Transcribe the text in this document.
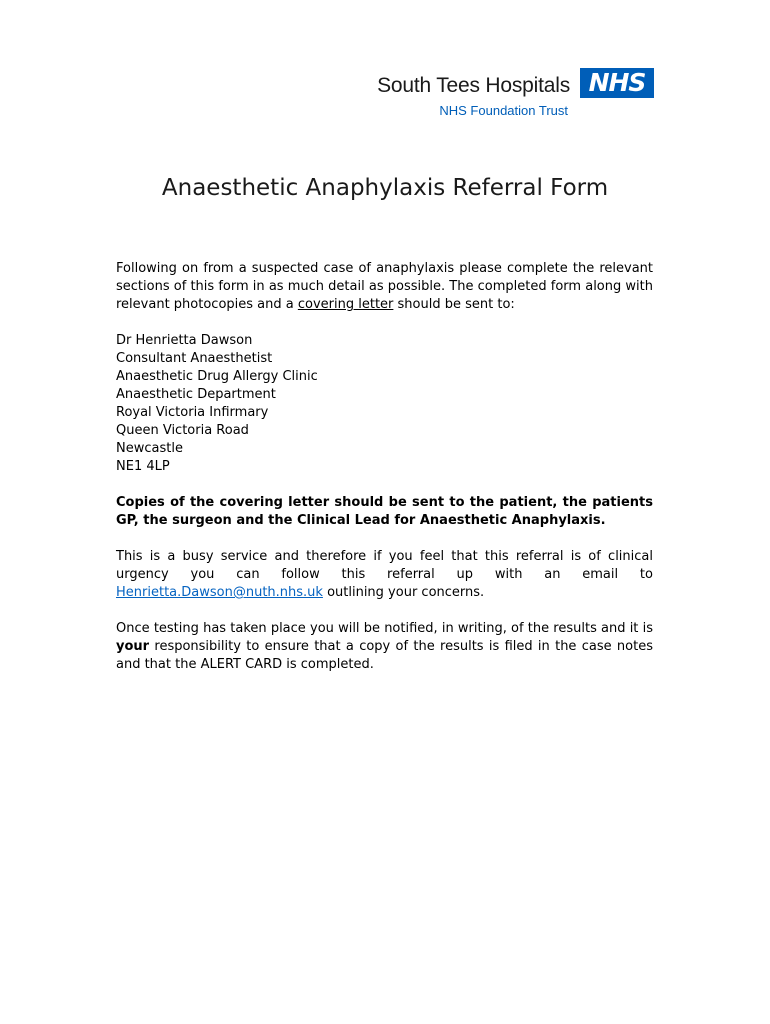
South Tees Hospitals
NHS Foundation Trust
NHS
Anaesthetic Anaphylaxis Referral Form

Following on from a suspected case of anaphylaxis please complete the relevant sections of this form in as much detail as possible. The completed form along with relevant photocopies and a covering letter should be sent to:

Dr Henrietta Dawson
Consultant Anaesthetist
Anaesthetic Drug Allergy Clinic
Anaesthetic Department
Royal Victoria Infirmary
Queen Victoria Road
Newcastle
NE1 4LP

Copies of the covering letter should be sent to the patient, the patients GP, the surgeon and the Clinical Lead for Anaesthetic Anaphylaxis.

This is a busy service and therefore if you feel that this referral is of clinical urgency you can follow this referral up with an email to Henrietta.Dawson@nuth.nhs.uk outlining your concerns.

Once testing has taken place you will be notified, in writing, of the results and it is your responsibility to ensure that a copy of the results is filed in the case notes and that the ALERT CARD is completed.
